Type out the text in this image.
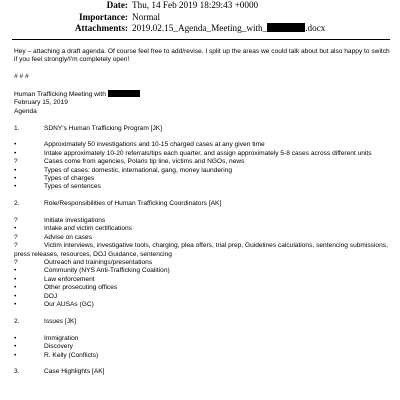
Date: Thu, 14 Feb 2019 18:29:43 +0000
Importance: Normal
Attachments: 2019.02.15_Agenda_Meeting_with_	.docx
Hey – attaching a draft agenda. Of course feel free to add/revise. I split up the areas we could talk about but also happy to switch if you feel strongly/I'm completely open!
# # #
Human Trafficking Meeting with
February 15, 2019
Agenda
1.	SDNY's Human Trafficking Program [JK]
•	Approximately 50 investigations and 10-15 charged cases at any given time
•	Intake approximately 10-20 referrals/tips each quarter, and assign approximately 5-8 cases across different units
?	Cases come from agencies, Polaris tip line, victims and NGOs, news
•	Types of cases: domestic, international, gang, money laundering
•	Types of charges
•	Types of sentences
2.	Role/Responsibilities of Human Trafficking Coordinators [AK]
?	Initiate investigations
•	Intake and victim certifications
?	Advise on cases
?	Victim interviews, investigative tools, charging, plea offers, trial prep, Guidelines calculations, sentencing submissions, press releases, resources, DOJ Guidance, sentencing
?	Outreach and trainings/presentations
•	Community (NYS Anti-Trafficking Coalition)
•	Law enforcement
•	Other prosecuting offices
•	DOJ
•	Our AUSAs (GC)
2.	Issues [JK]
•	Immigration
•	Discovery
•	R. Kelly (Conflicts)
3.	Case Highlights [AK]
